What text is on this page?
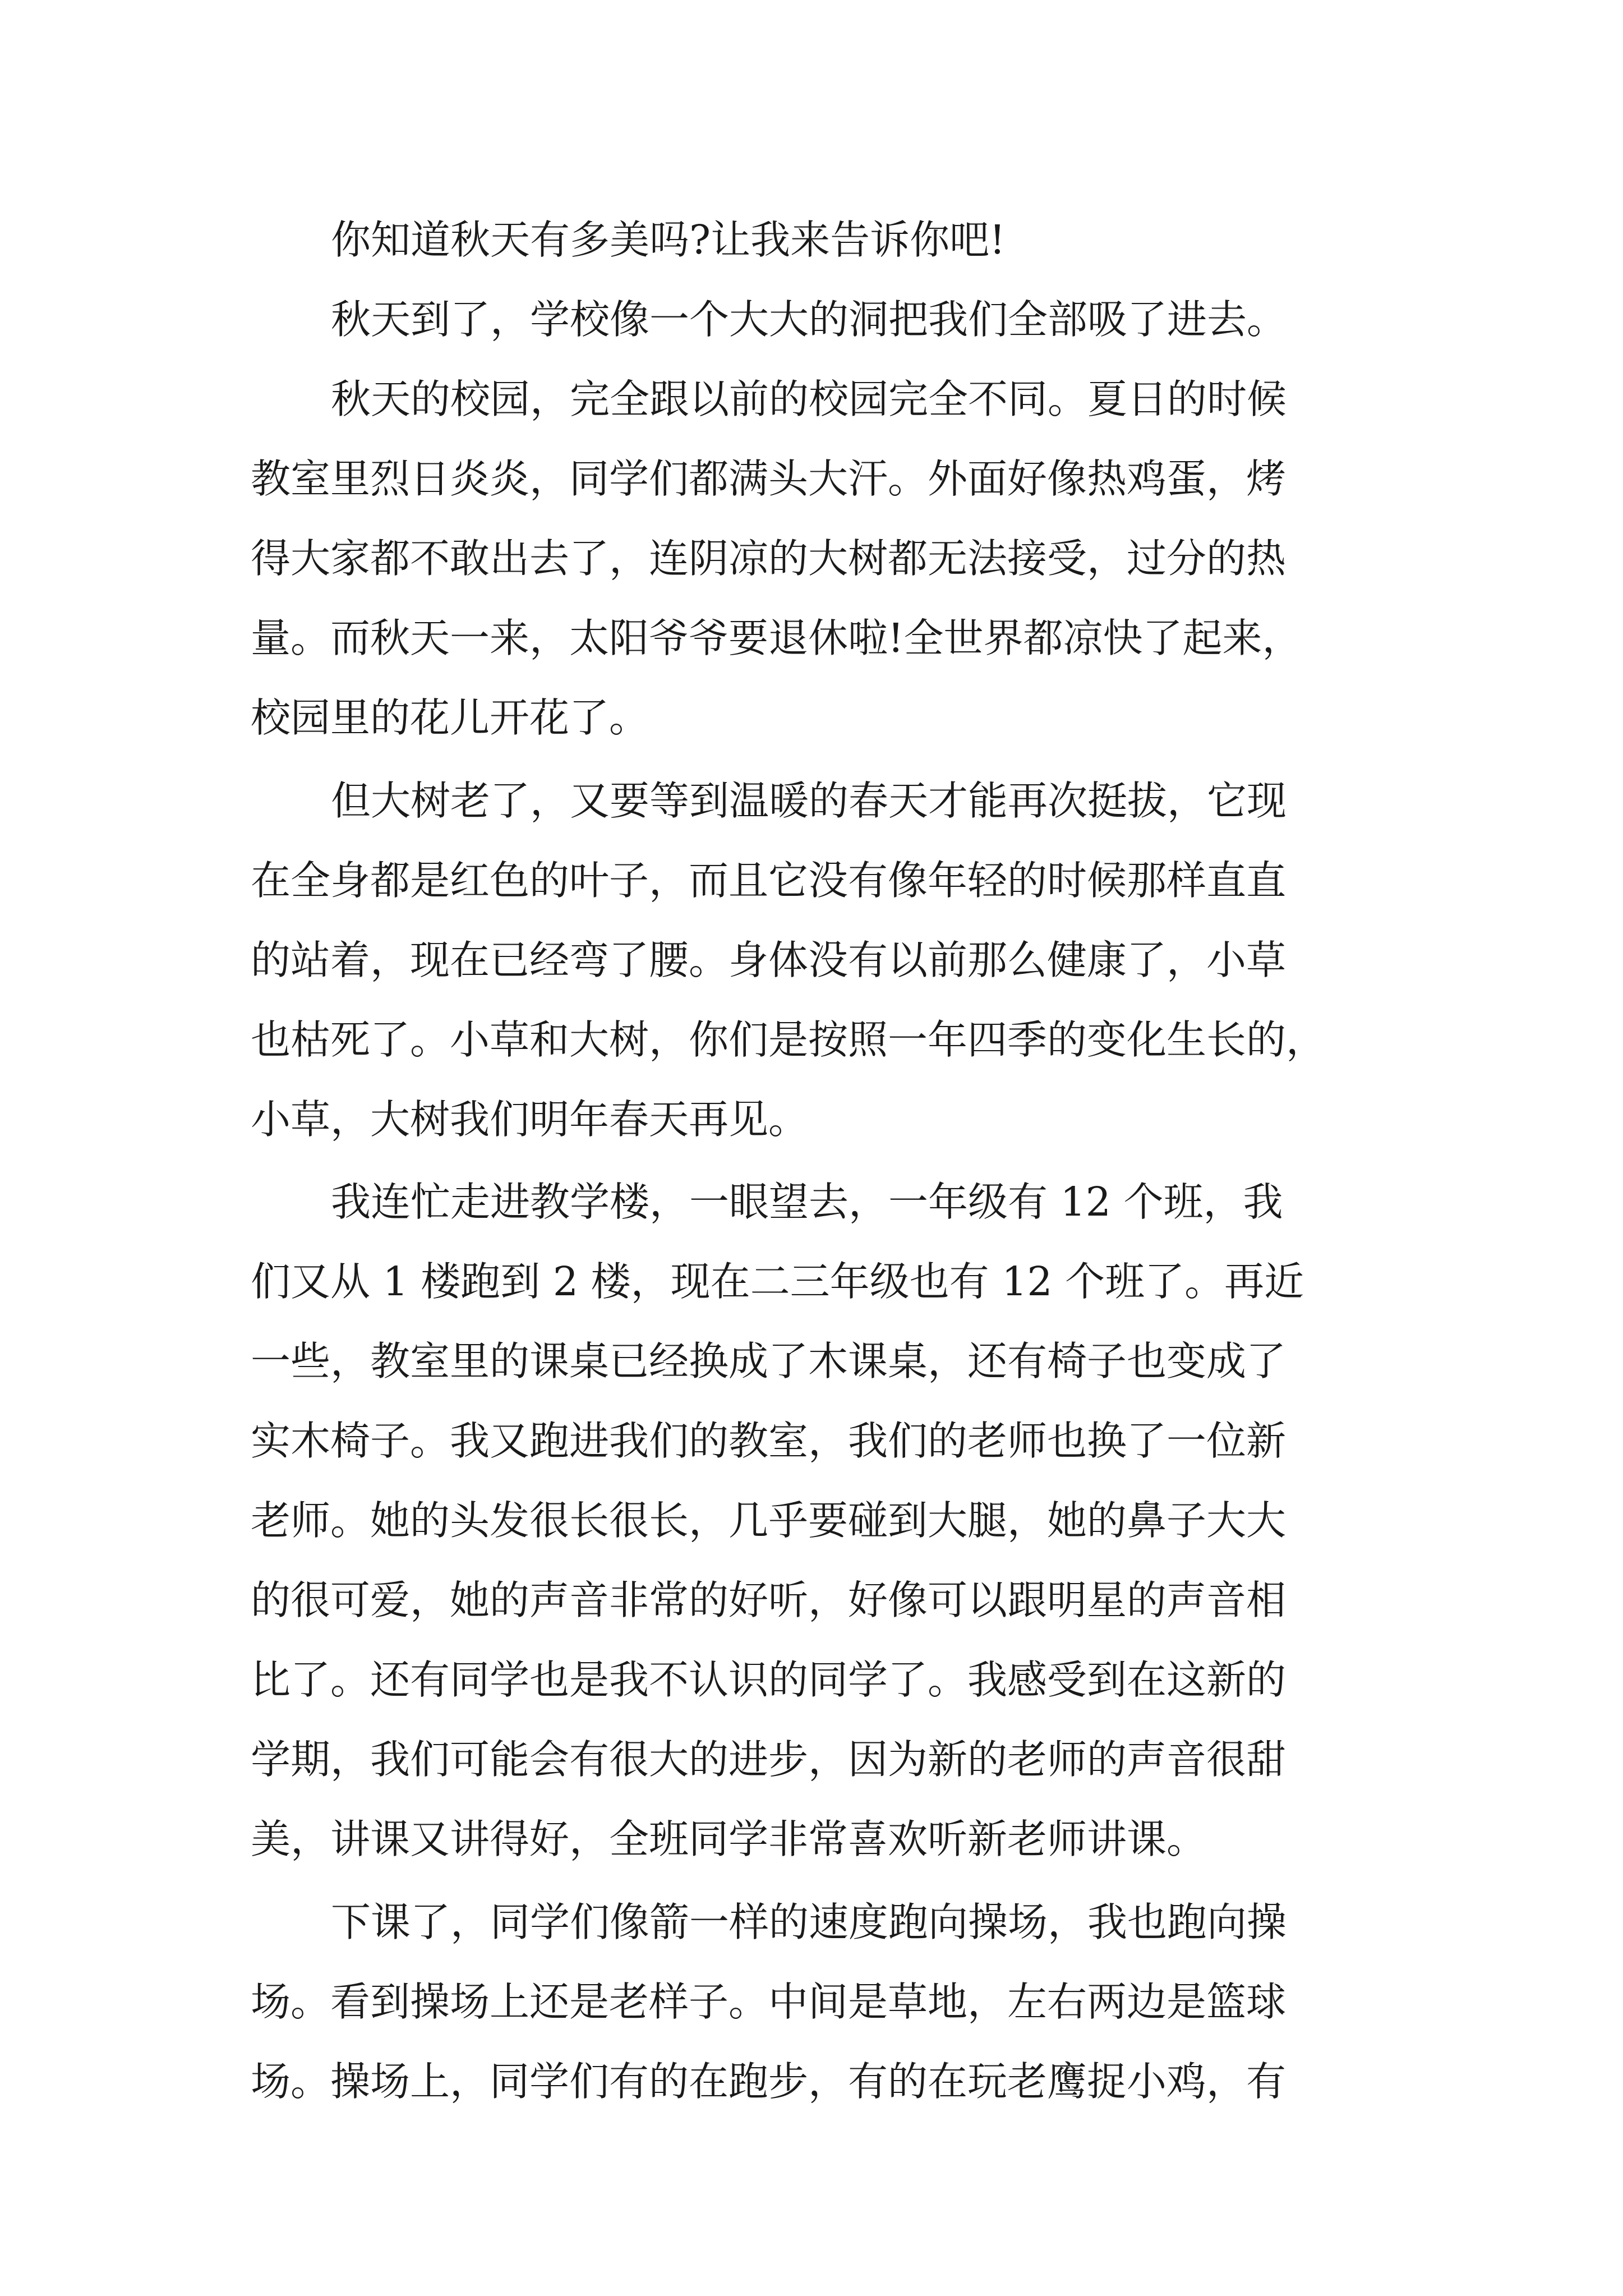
你知道秋天有多美吗?让我来告诉你吧!

秋天到了，学校像一个大大的洞把我们全部吸了进去。

秋天的校园，完全跟以前的校园完全不同。夏日的时候

教室里烈日炎炎，同学们都满头大汗。外面好像热鸡蛋，烤

得大家都不敢出去了，连阴凉的大树都无法接受，过分的热

量。而秋天一来，太阳爷爷要退休啦!全世界都凉快了起来，

校园里的花儿开花了。

但大树老了，又要等到温暖的春天才能再次挺拔，它现

在全身都是红色的叶子，而且它没有像年轻的时候那样直直

的站着，现在已经弯了腰。身体没有以前那么健康了，小草

也枯死了。小草和大树，你们是按照一年四季的变化生长的，

小草，大树我们明年春天再见。

我连忙走进教学楼，一眼望去，一年级有 12 个班，我

们又从 1 楼跑到 2 楼，现在二三年级也有 12 个班了。再近

一些，教室里的课桌已经换成了木课桌，还有椅子也变成了

实木椅子。我又跑进我们的教室，我们的老师也换了一位新

老师。她的头发很长很长，几乎要碰到大腿，她的鼻子大大

的很可爱，她的声音非常的好听，好像可以跟明星的声音相

比了。还有同学也是我不认识的同学了。我感受到在这新的

学期，我们可能会有很大的进步，因为新的老师的声音很甜

美，讲课又讲得好，全班同学非常喜欢听新老师讲课。

下课了，同学们像箭一样的速度跑向操场，我也跑向操

场。看到操场上还是老样子。中间是草地，左右两边是篮球

场。操场上，同学们有的在跑步，有的在玩老鹰捉小鸡，有
